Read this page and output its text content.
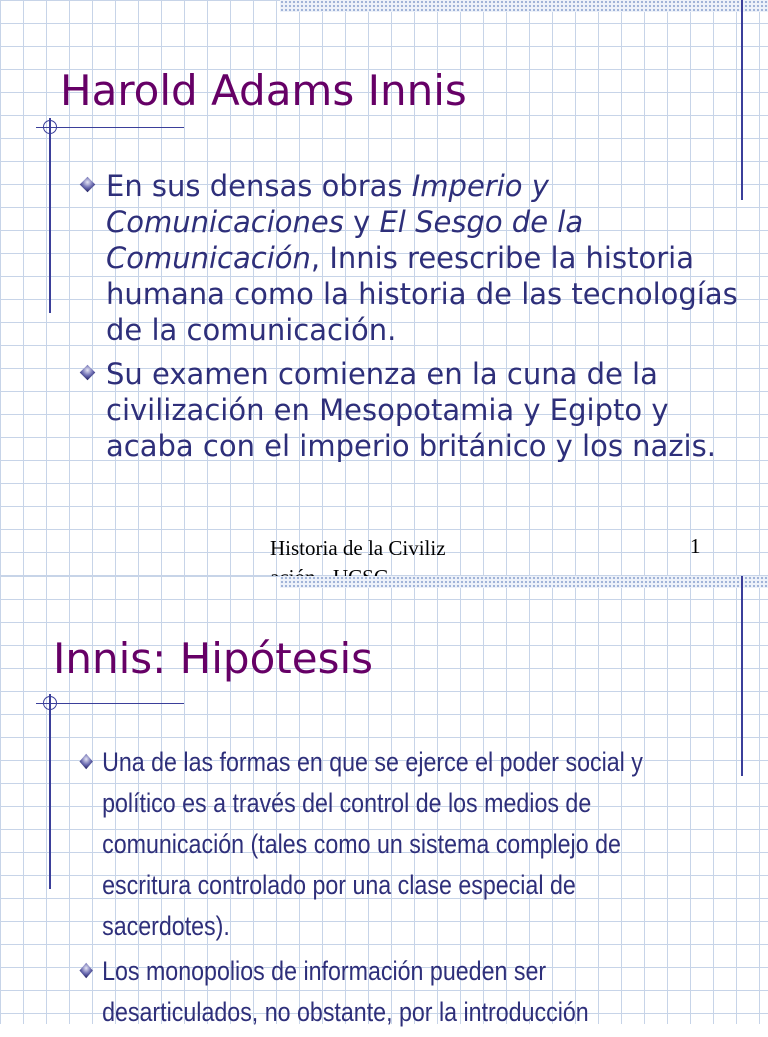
Harold Adams Innis
En sus densas obras Imperio y Comunicaciones y El Sesgo de la Comunicación, Innis reescribe la historia humana como la historia de las tecnologías de la comunicación.
Su examen comienza en la cuna de la civilización en Mesopotamia y Egipto y acaba con el imperio británico y los nazis.
Historia de la Civiliz	1
Innis: Hipótesis
Una de las formas en que se ejerce el poder social y político es a través del control de los medios de comunicación (tales como un sistema complejo de escritura controlado por una clase especial de sacerdotes).
Los monopolios de información pueden ser desarticulados, no obstante, por la introducción
